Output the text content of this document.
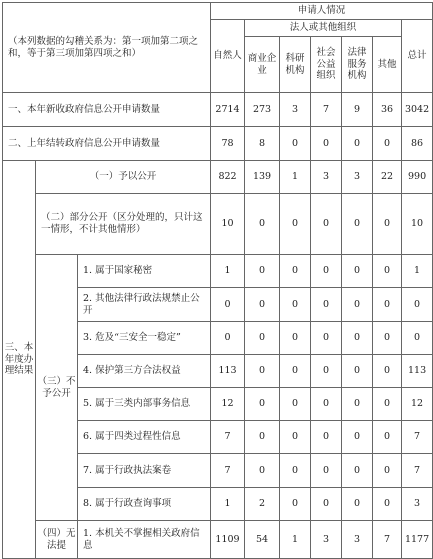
（本列数据的勾稽关系为：第一项加第二项之和，等于第三项加第四项之和）			申请人情况						
			自然人	法人或其他组织					总计
				商业企业	科研机构	社会公益组织	法律服务机构	其他	
一、本年新收政府信息公开申请数量			2714	273	3	7	9	36	3042
二、上年结转政府信息公开申请数量			78	8	0	0	0	0	86

三、本年度办理结果	（一）予以公开		822	139	1	3	3	22	990
	（二）部分公开（区分处理的，只计这一情形，不计其他情形）		10	0	0	0	0	0	10

	（三）不予公开	1. 属于国家秘密	1	0	0	0	0	0	1
		2. 其他法律行政法规禁止公开	0	0	0	0	0	0	0
		3. 危及“三安全一稳定”	0	0	0	0	0	0	0
		4. 保护第三方合法权益	113	0	0	0	0	0	113
		5. 属于三类内部事务信息	12	0	0	0	0	0	12
		6. 属于四类过程性信息	7	0	0	0	0	0	7
		7. 属于行政执法案卷	7	0	0	0	0	0	7
		8. 属于行政查询事项	1	2	0	0	0	0	3

	（四）无法提	1. 本机关不掌握相关政府信息	1109	54	1	3	3	7	1177
